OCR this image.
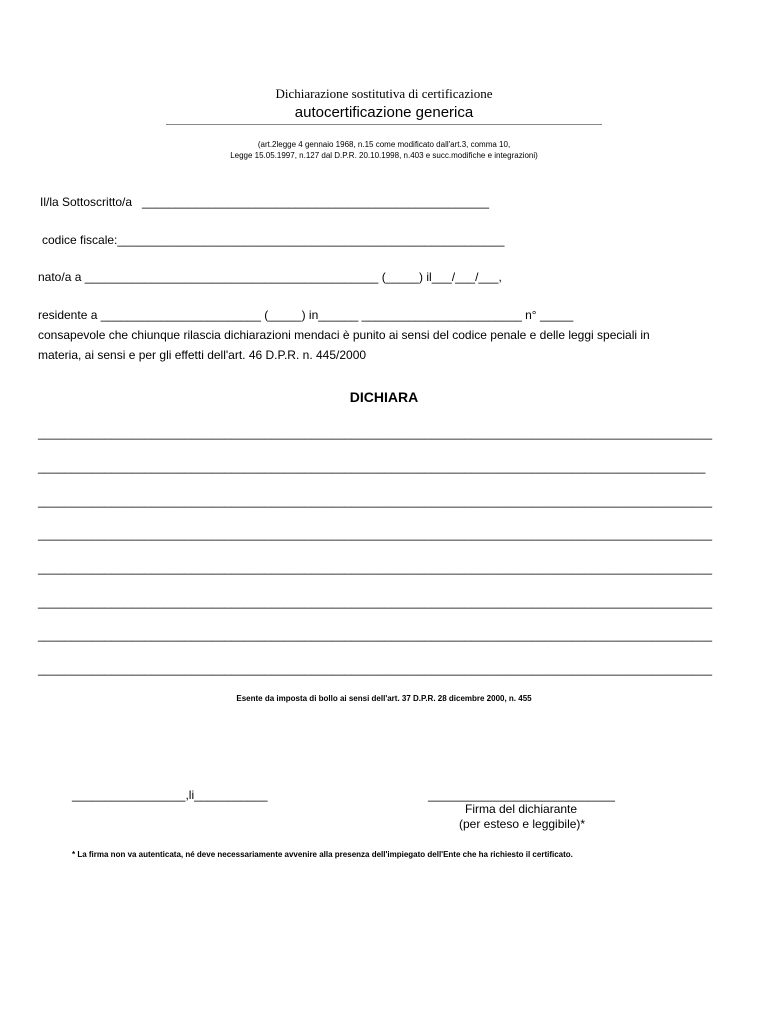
Dichiarazione sostitutiva di certificazione
autocertificazione generica
(art.2legge 4 gennaio 1968, n.15 come modificato dall'art.3, comma 10,
Legge 15.05.1997, n.127 dal D.P.R. 20.10.1998, n.403 e succ.modifiche e integrazioni)
Il/la Sottoscritto/a   ____________________________________________________
codice fiscale:__________________________________________________________
nato/a a ____________________________________________ (_____) il___/___/___,
residente a ________________________ (_____) in______ ________________________ n° _____
consapevole che chiunque rilascia dichiarazioni mendaci è punito ai sensi del codice penale e delle leggi speciali in
materia, ai sensi e per gli effetti dell'art. 46 D.P.R. n. 445/2000
DICHIARA
_____________________________________________________________________________________________________
____________________________________________________________________________________________________
_____________________________________________________________________________________________________
_____________________________________________________________________________________________________
_____________________________________________________________________________________________________
_____________________________________________________________________________________________________
_____________________________________________________________________________________________________
_____________________________________________________________________________________________________
Esente da imposta di bollo ai sensi dell'art. 37 D.P.R. 28 dicembre 2000, n. 455
_________________,li___________	____________________________
Firma del dichiarante
(per esteso e leggibile)*
* La firma non va autenticata, né deve necessariamente avvenire alla presenza dell'impiegato dell'Ente che ha richiesto il certificato.
